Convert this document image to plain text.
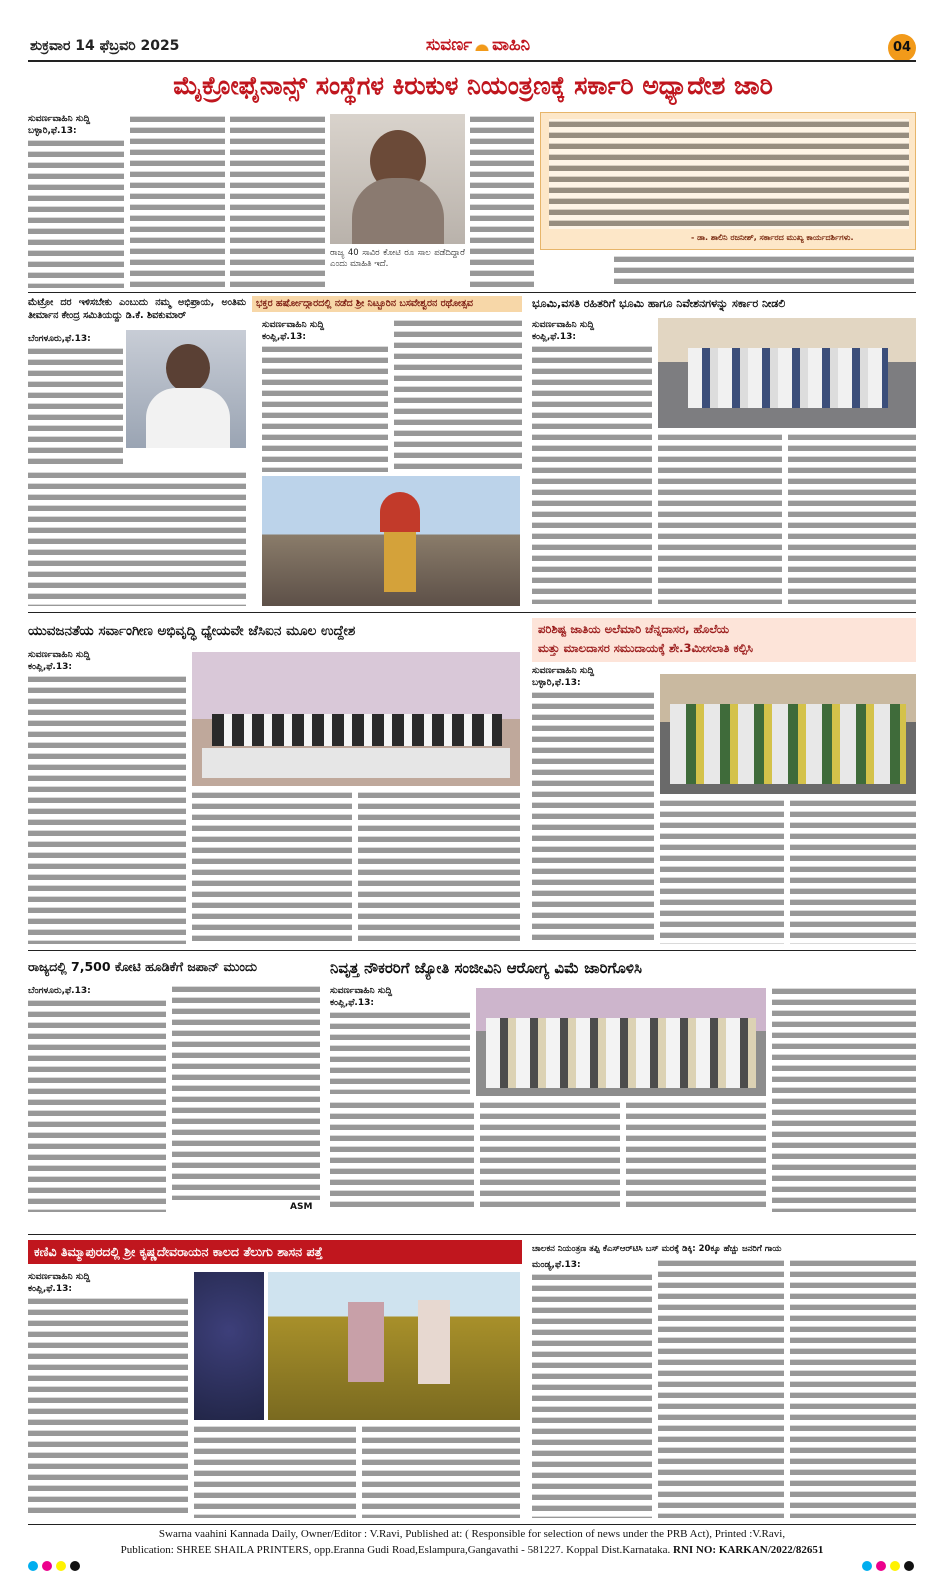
ಶುಕ್ರವಾರ 14 ಫೆಬ್ರವರಿ 2025	ಸುವರ್ಣ ವಾಹಿನಿ	04
ಮೈಕ್ರೋಫೈನಾನ್ಸ್ ಸಂಸ್ಥೆಗಳ ಕಿರುಕುಳ ನಿಯಂತ್ರಣಕ್ಕೆ ಸರ್ಕಾರಿ ಅಧ್ಯಾದೇಶ ಜಾರಿ
ಸುವರ್ಣವಾಹಿನಿ ಸುದ್ದಿ
ಬಳ್ಳಾರಿ,ಫೆ.13:
ರಾಜ್ಯ 40 ಸಾವಿರ ಕೋಟಿ ರೂ ಸಾಲ ಪಡೆದಿದ್ದಾರೆ ಎಂದು ಮಾಹಿತಿ ಇದೆ.
- ಡಾ. ಶಾಲಿನಿ ರಜನೀಶ್, ಸರ್ಕಾರದ ಮುಖ್ಯ ಕಾರ್ಯದರ್ಶಿಗಳು.
ಮೆಟ್ರೋ ದರ ಇಳಿಸಬೇಕು ಎಂಬುದು ನಮ್ಮ ಅಭಿಪ್ರಾಯ, ಅಂತಿಮ ತೀರ್ಮಾನ ಕೇಂದ್ರ ಸಮಿತಿಯದ್ದು ಡಿ.ಕೆ. ಶಿವಕುಮಾರ್
ಬೆಂಗಳೂರು,ಫೆ.13:
ಭಕ್ತರ ಹರ್ಷೋದ್ಗಾರದಲ್ಲಿ ನಡೆದ ಶ್ರೀ ನಿಟ್ಟೂರಿನ ಬಸವೇಶ್ವರನ ರಥೋತ್ಸವ
ಸುವರ್ಣವಾಹಿನಿ ಸುದ್ದಿ
ಕಂಪ್ಲಿ,ಫೆ.13:
ಭೂಮಿ,ವಸತಿ ರಹಿತರಿಗೆ ಭೂಮಿ ಹಾಗೂ ನಿವೇಶನಗಳನ್ನು ಸರ್ಕಾರ ನೀಡಲಿ
ಸುವರ್ಣವಾಹಿನಿ ಸುದ್ದಿ
ಕಂಪ್ಲಿ,ಫೆ.13:
ಯುವಜನತೆಯ ಸರ್ವಾಂಗೀಣ ಅಭಿವೃದ್ಧಿ ಧ್ಯೇಯವೇ ಜೆಸಿಐನ ಮೂಲ ಉದ್ದೇಶ
ಸುವರ್ಣವಾಹಿನಿ ಸುದ್ದಿ
ಕಂಪ್ಲಿ,ಫೆ.13:
ಪರಿಶಿಷ್ಟ ಜಾತಿಯ ಅಲೆಮಾರಿ ಚೆನ್ನದಾಸರ, ಹೊಲೆಯ
ಮತ್ತು ಮಾಲದಾಸರ ಸಮುದಾಯಕ್ಕೆ ಶೇ.3ಮೀಸಲಾತಿ ಕಲ್ಪಿಸಿ
ಸುವರ್ಣವಾಹಿನಿ ಸುದ್ದಿ
ಬಳ್ಳಾರಿ,ಫೆ.13:
ರಾಜ್ಯದಲ್ಲಿ 7,500 ಕೋಟಿ ಹೂಡಿಕೆಗೆ ಜಪಾನ್ ಮುಂದು
ಬೆಂಗಳೂರು,ಫೆ.13:
ASM
ನಿವೃತ್ತ ನೌಕರರಿಗೆ ಜ್ಯೋತಿ ಸಂಜೀವಿನಿ ಆರೋಗ್ಯ ವಿಮೆ ಜಾರಿಗೊಳಿಸಿ
ಸುವರ್ಣವಾಹಿನಿ ಸುದ್ದಿ
ಕಂಪ್ಲಿ,ಫೆ.13:
ಕಣಿವಿ ತಿಮ್ಮಾಪುರದಲ್ಲಿ ಶ್ರೀ ಕೃಷ್ಣದೇವರಾಯನ ಕಾಲದ ತೆಲುಗು ಶಾಸನ ಪತ್ತೆ
ಸುವರ್ಣವಾಹಿನಿ ಸುದ್ದಿ
ಕಂಪ್ಲಿ,ಫೆ.13:
ಚಾಲಕನ ನಿಯಂತ್ರಣ ತಪ್ಪಿ ಕೆಎಸ್‌ಆರ್‌ಟಿಸಿ ಬಸ್ ಮರಕ್ಕೆ ಡಿಕ್ಕಿ: 20ಕ್ಕೂ ಹೆಚ್ಚು ಜನರಿಗೆ ಗಾಯ
ಮಂಡ್ಯ,ಫೆ.13:
Swarna vaahini Kannada Daily, Owner/Editor : V.Ravi, Published at: ( Responsible for selection of news under the PRB Act), Printed :V.Ravi,
Publication: SHREE SHAILA PRINTERS, opp.Eranna Gudi Road,Eslampura,Gangavathi - 581227. Koppal Dist.Karnataka. RNI NO: KARKAN/2022/82651
